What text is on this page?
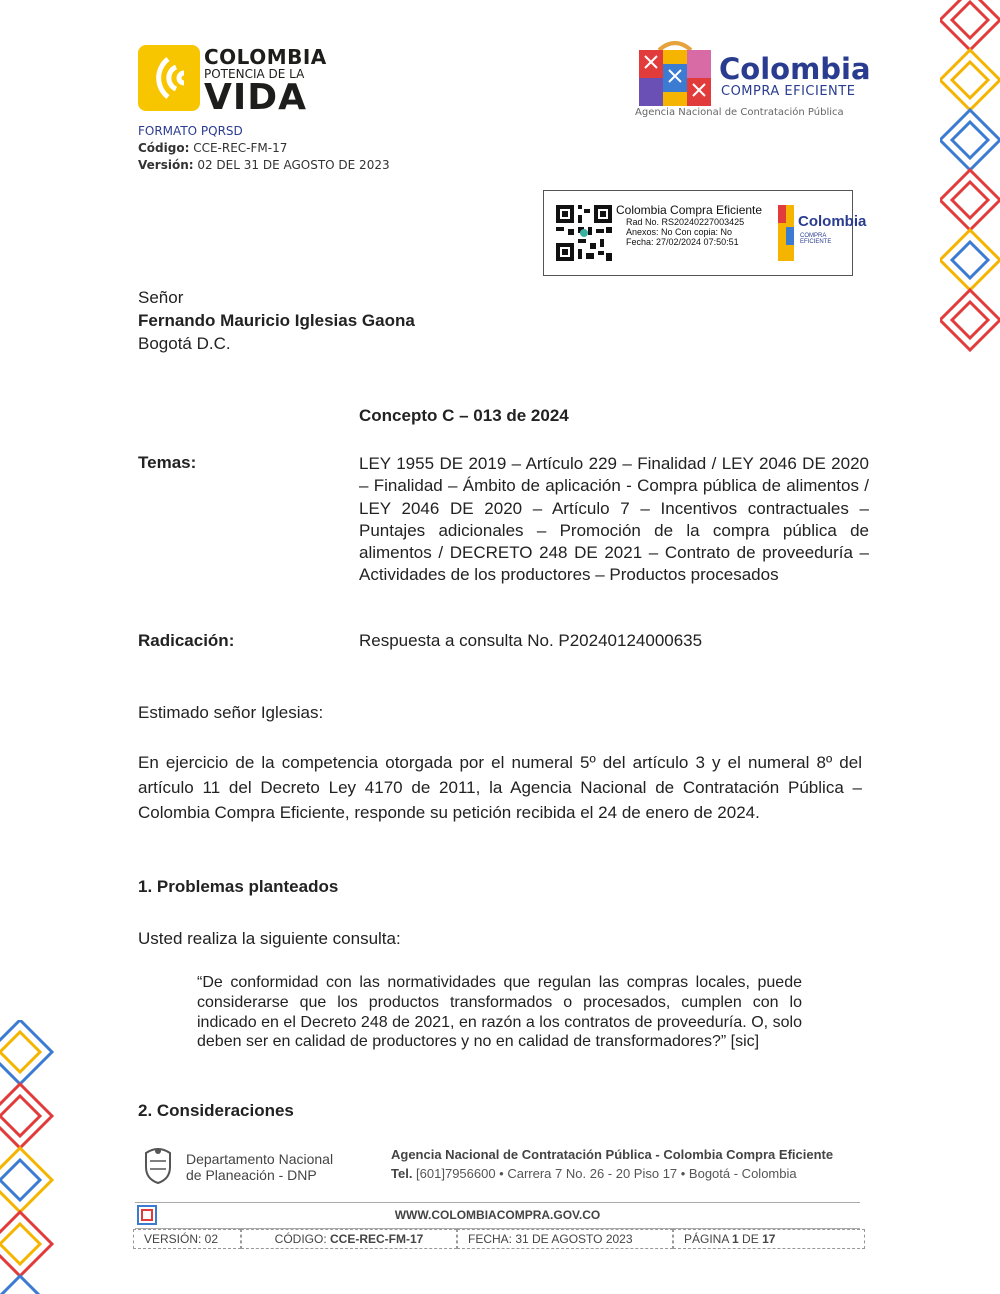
COLOMBIA
POTENCIA DE LA
VIDA
FORMATO PQRSD
Código: CCE-REC-FM-17
Versión: 02 DEL 31 DE AGOSTO DE 2023
Colombia
COMPRA EFICIENTE
Agencia Nacional de Contratación Pública
Colombia Compra Eficiente
Rad No. RS20240227003425
Anexos: No Con copia: No
Fecha: 27/02/2024 07:50:51
Colombia
COMPRA EFICIENTE
Señor
Fernando Mauricio Iglesias Gaona
Bogotá D.C.
Concepto C – 013 de 2024
Temas:	LEY 1955 DE 2019 – Artículo 229 – Finalidad / LEY 2046 DE 2020 – Finalidad – Ámbito de aplicación - Compra pública de alimentos / LEY 2046 DE 2020 – Artículo 7 – Incentivos contractuales – Puntajes adicionales – Promoción de la compra pública de alimentos / DECRETO 248 DE 2021 – Contrato de proveeduría – Actividades de los productores – Productos procesados
Radicación:	Respuesta a consulta No. P20240124000635
Estimado señor Iglesias:
En ejercicio de la competencia otorgada por el numeral 5º del artículo 3 y el numeral 8º del artículo 11 del Decreto Ley 4170 de 2011, la Agencia Nacional de Contratación Pública – Colombia Compra Eficiente, responde su petición recibida el 24 de enero de 2024.
1. Problemas planteados
Usted realiza la siguiente consulta:
“De conformidad con las normatividades que regulan las compras locales, puede considerarse que los productos transformados o procesados, cumplen con lo indicado en el Decreto 248 de 2021, en razón a los contratos de proveeduría. O, solo deben ser en calidad de productores y no en calidad de transformadores?” [sic]
2. Consideraciones
Departamento Nacional
de Planeación - DNP
Agencia Nacional de Contratación Pública - Colombia Compra Eficiente
Tel. [601]7956600 • Carrera 7 No. 26 - 20 Piso 17 • Bogotá - Colombia
WWW.COLOMBIACOMPRA.GOV.CO
VERSIÓN: 02	CÓDIGO: CCE-REC-FM-17	FECHA: 31 DE AGOSTO 2023	PÁGINA 1 DE 17
